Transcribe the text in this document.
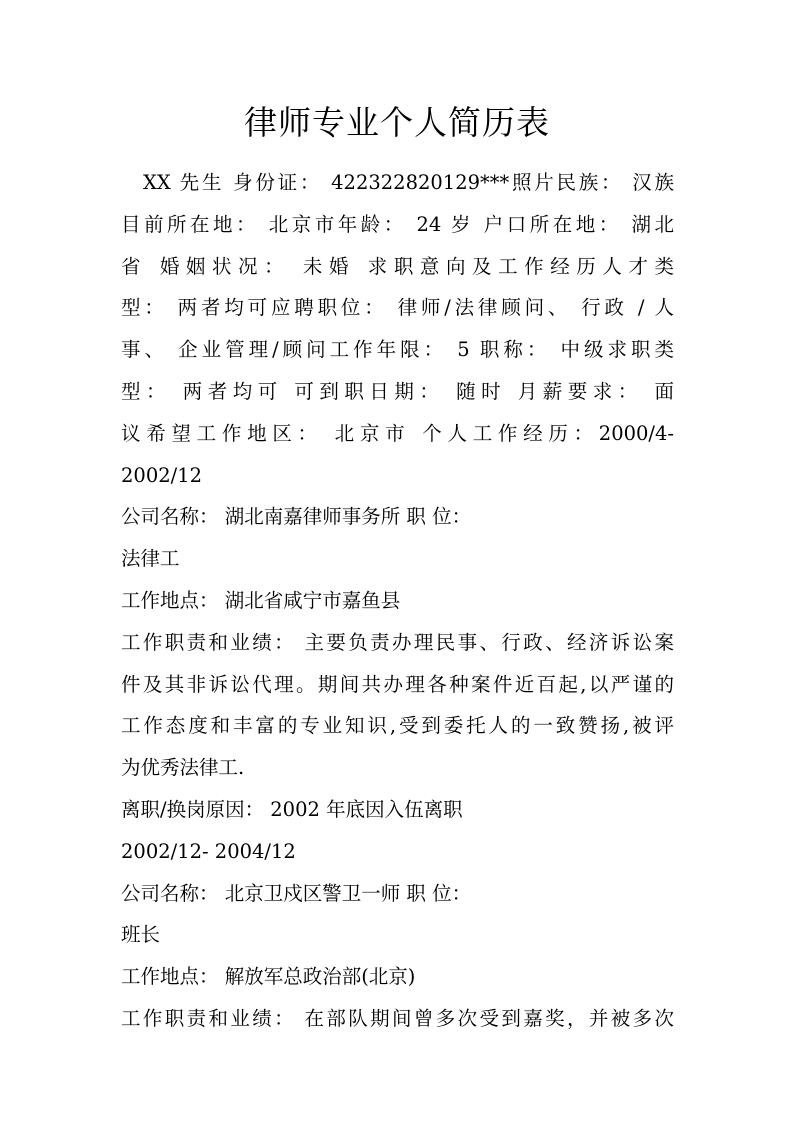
律师专业个人简历表
XX 先生 身份证： 422322820129***照片民族： 汉族
目前所在地： 北京市年龄： 24 岁 户口所在地： 湖北
省 婚姻状况： 未婚 求职意向及工作经历人才类
型： 两者均可应聘职位： 律师/法律顾问、 行政 / 人
事、 企业管理/顾问工作年限： 5 职称： 中级求职类
型： 两者均可 可到职日期： 随时 月薪要求： 面
议希望工作地区： 北京市 个人工作经历：2000/4-
2002/12
公司名称： 湖北南嘉律师事务所 职 位：
法律工
工作地点： 湖北省咸宁市嘉鱼县
工作职责和业绩： 主要负责办理民事、行政、经济诉讼案
件及其非诉讼代理。期间共办理各种案件近百起,以严谨的
工作态度和丰富的专业知识,受到委托人的一致赞扬,被评
为优秀法律工.
离职/换岗原因： 2002 年底因入伍离职
2002/12- 2004/12
公司名称： 北京卫戍区警卫一师 职 位：
班长
工作地点： 解放军总政治部(北京)
工作职责和业绩： 在部队期间曾多次受到嘉奖，并被多次
